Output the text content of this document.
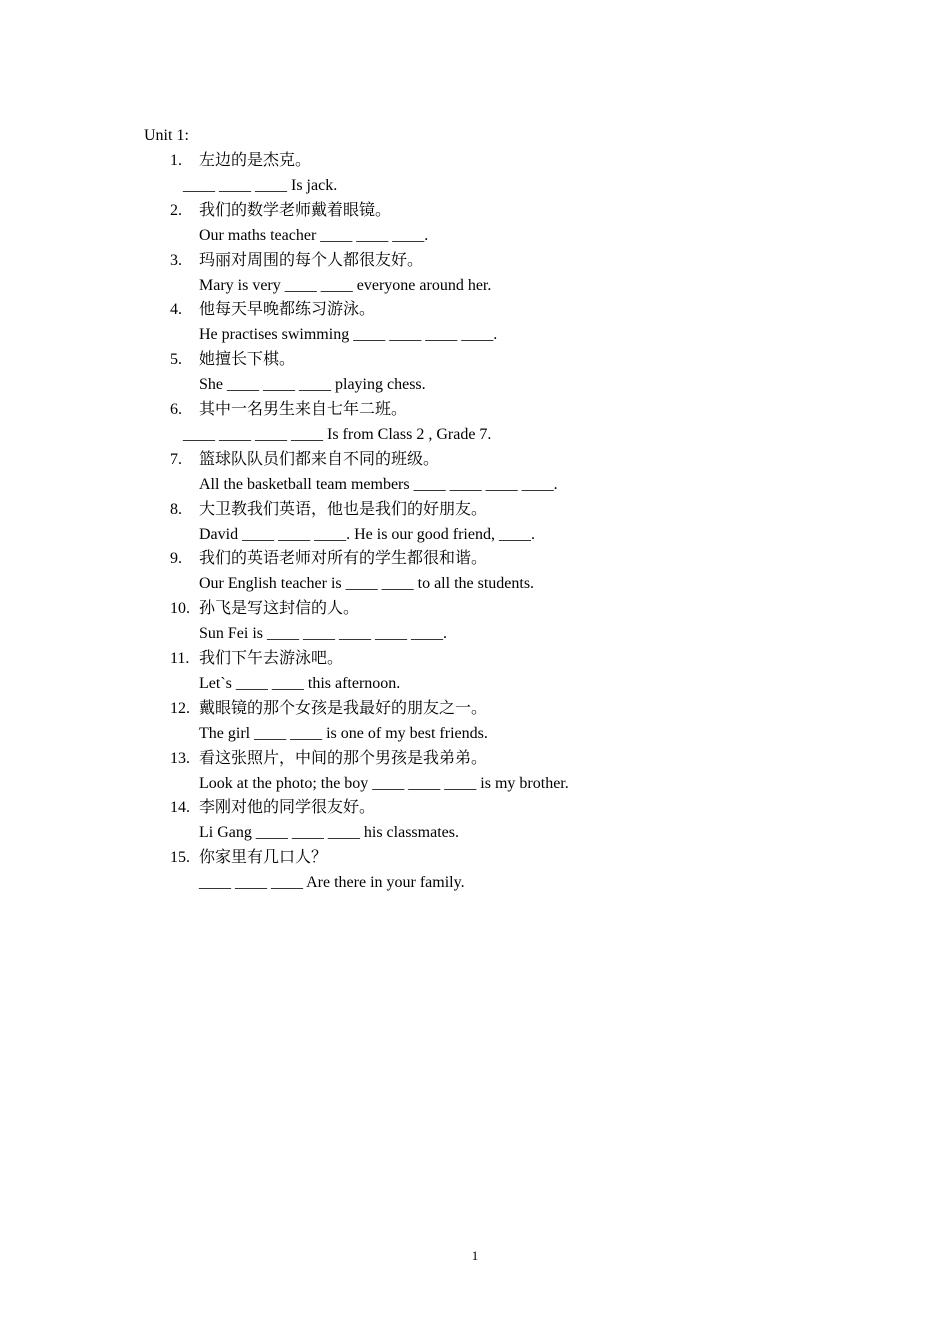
Unit 1:
1. 左边的是杰克。
____ ____ ____ Is jack.
2. 我们的数学老师戴着眼镜。
Our maths teacher ____ ____ ____.
3. 玛丽对周围的每个人都很友好。
Mary is very ____ ____ everyone around her.
4. 他每天早晚都练习游泳。
He practises swimming ____ ____ ____ ____.
5. 她擅长下棋。
She ____ ____ ____ playing chess.
6. 其中一名男生来自七年二班。
____ ____ ____ ____ Is from Class 2 , Grade 7.
7. 篮球队队员们都来自不同的班级。
All the basketball team members ____ ____ ____ ____.
8. 大卫教我们英语，他也是我们的好朋友。
David ____ ____ ____. He is our good friend, ____.
9. 我们的英语老师对所有的学生都很和谐。
Our English teacher is ____ ____ to all the students.
10. 孙飞是写这封信的人。
Sun Fei is ____ ____ ____ ____ ____.
11. 我们下午去游泳吧。
Let`s ____ ____ this afternoon.
12. 戴眼镜的那个女孩是我最好的朋友之一。
The girl ____ ____ is one of my best friends.
13. 看这张照片，中间的那个男孩是我弟弟。
Look at the photo; the boy ____ ____ ____ is my brother.
14. 李刚对他的同学很友好。
Li Gang ____ ____ ____ his classmates.
15. 你家里有几口人？
____ ____ ____ Are there in your family.
1
